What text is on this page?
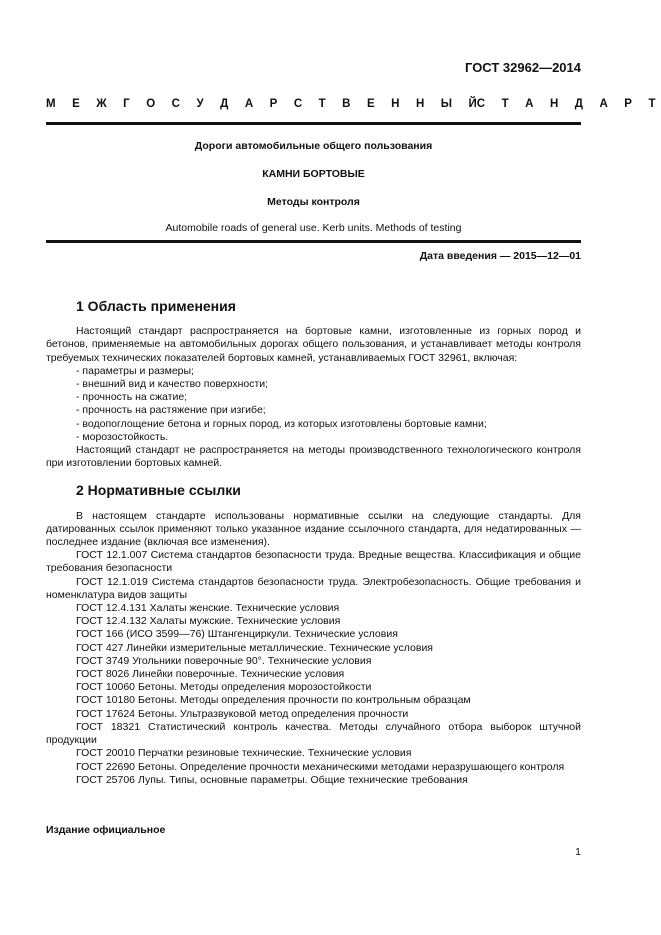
ГОСТ 32962—2014
М Е Ж Г О С У Д А Р С Т В Е Н Н Ы Й С Т А Н Д А Р Т
Дороги автомобильные общего пользования
КАМНИ БОРТОВЫЕ
Методы контроля
Automobile roads of general use. Kerb units. Methods of testing
Дата введения — 2015—12—01
1 Область применения

Настоящий стандарт распространяется на бортовые камни, изготовленные из горных пород и бетонов, применяемые на автомобильных дорогах общего пользования, и устанавливает методы контроля требуемых технических показателей бортовых камней, устанавливаемых ГОСТ 32961, включая:

- параметры и размеры;
- внешний вид и качество поверхности;
- прочность на сжатие;
- прочность на растяжение при изгибе;
- водопоглощение бетона и горных пород, из которых изготовлены бортовые камни;
- морозостойкость.

Настоящий стандарт не распространяется на методы производственного технологического контроля при изготовлении бортовых камней.

2 Нормативные ссылки

В настоящем стандарте использованы нормативные ссылки на следующие стандарты. Для датированных ссылок применяют только указанное издание ссылочного стандарта, для недатированных — последнее издание (включая все изменения).

ГОСТ 12.1.007 Система стандартов безопасности труда. Вредные вещества. Классификация и общие требования безопасности

ГОСТ 12.1.019 Система стандартов безопасности труда. Электробезопасность. Общие требования и номенклатура видов защиты

ГОСТ 12.4.131 Халаты женские. Технические условия

ГОСТ 12.4.132 Халаты мужские. Технические условия

ГОСТ 166 (ИСО 3599—76) Штангенциркули. Технические условия

ГОСТ 427 Линейки измерительные металлические. Технические условия

ГОСТ 3749 Угольники поверочные 90°. Технические условия

ГОСТ 8026 Линейки поверочные. Технические условия

ГОСТ 10060 Бетоны. Методы определения морозостойкости

ГОСТ 10180 Бетоны. Методы определения прочности по контрольным образцам

ГОСТ 17624 Бетоны. Ультразвуковой метод определения прочности

ГОСТ 18321 Статистический контроль качества. Методы случайного отбора выборок штучной продукции

ГОСТ 20010 Перчатки резиновые технические. Технические условия

ГОСТ 22690 Бетоны. Определение прочности механическими методами неразрушающего контроля

ГОСТ 25706 Лупы. Типы, основные параметры. Общие технические требования

Издание официальное
1
